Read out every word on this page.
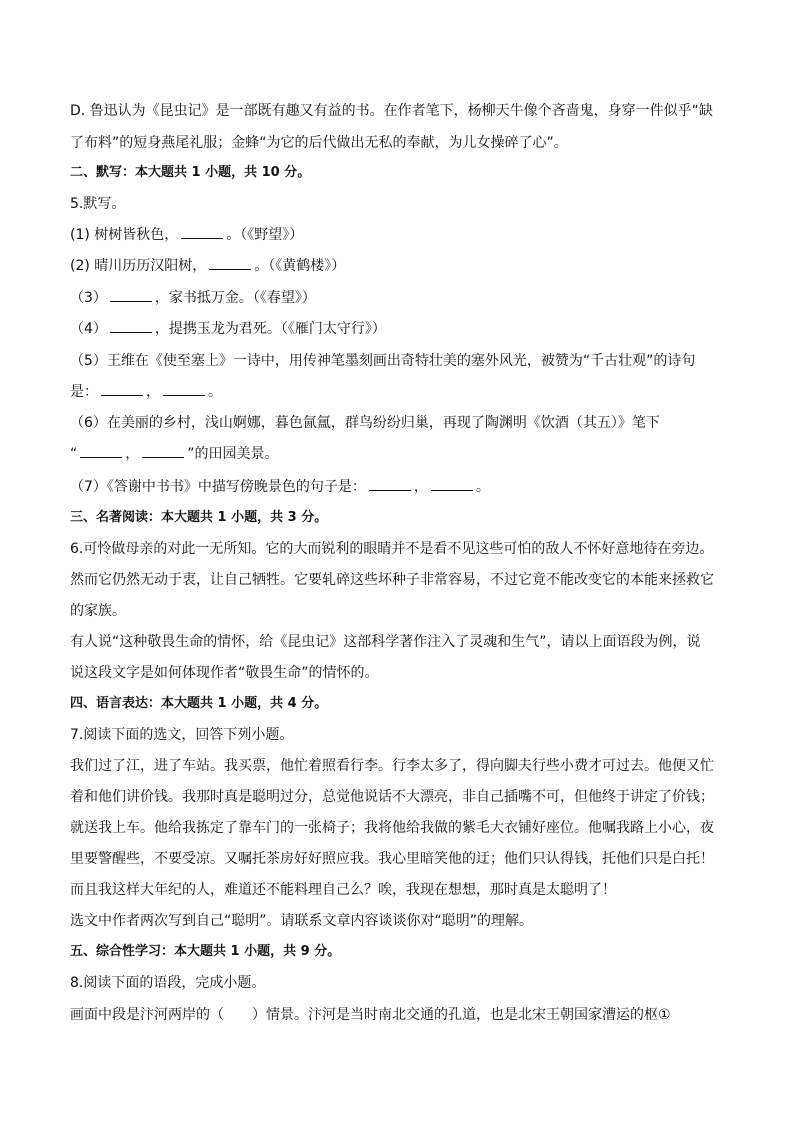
D. 鲁迅认为《昆虫记》是一部既有趣又有益的书。在作者笔下，杨柳天牛像个吝啬鬼，身穿一件似乎“缺
了布料”的短身燕尾礼服；金蜂“为它的后代做出无私的奉献，为儿女操碎了心”。
二、默写：本大题共 1 小题，共 10 分。
5.默写。
(1) 树树皆秋色，	。（《野望》）
(2) 晴川历历汉阳树，	。（《黄鹤楼》）
（3）	，家书抵万金。（《春望》）
（4）	，提携玉龙为君死。（《雁门太守行》）
（5）王维在《使至塞上》一诗中，用传神笔墨刻画出奇特壮美的塞外风光，被赞为“千古壮观”的诗句
是：	，	。
（6）在美丽的乡村，浅山婀娜，暮色氤氲，群鸟纷纷归巢，再现了陶渊明《饮酒（其五）》笔下
“	，	”的田园美景。
（7）《答谢中书书》中描写傍晚景色的句子是：	，	。
三、名著阅读：本大题共 1 小题，共 3 分。
6.可怜做母亲的对此一无所知。它的大而锐利的眼睛并不是看不见这些可怕的敌人不怀好意地待在旁边。
然而它仍然无动于衷，让自己牺牲。它要轧碎这些坏种子非常容易，不过它竟不能改变它的本能来拯救它
的家族。
有人说“这种敬畏生命的情怀，给《昆虫记》这部科学著作注入了灵魂和生气”，请以上面语段为例，说
说这段文字是如何体现作者“敬畏生命”的情怀的。
四、语言表达：本大题共 1 小题，共 4 分。
7.阅读下面的选文，回答下列小题。
我们过了江，进了车站。我买票，他忙着照看行李。行李太多了，得向脚夫行些小费才可过去。他便又忙
着和他们讲价钱。我那时真是聪明过分，总觉他说话不大漂亮，非自己插嘴不可，但他终于讲定了价钱；
就送我上车。他给我拣定了靠车门的一张椅子；我将他给我做的紫毛大衣铺好座位。他嘱我路上小心，夜
里要警醒些，不要受凉。又嘱托茶房好好照应我。我心里暗笑他的迂；他们只认得钱，托他们只是白托！
而且我这样大年纪的人，难道还不能料理自己么？唉，我现在想想，那时真是太聪明了！
选文中作者两次写到自己“聪明”。请联系文章内容谈谈你对“聪明”的理解。
五、综合性学习：本大题共 1 小题，共 9 分。
8.阅读下面的语段，完成小题。
画面中段是汴河两岸的（　　）情景。汴河是当时南北交通的孔道，也是北宋王朝国家漕运的枢①
